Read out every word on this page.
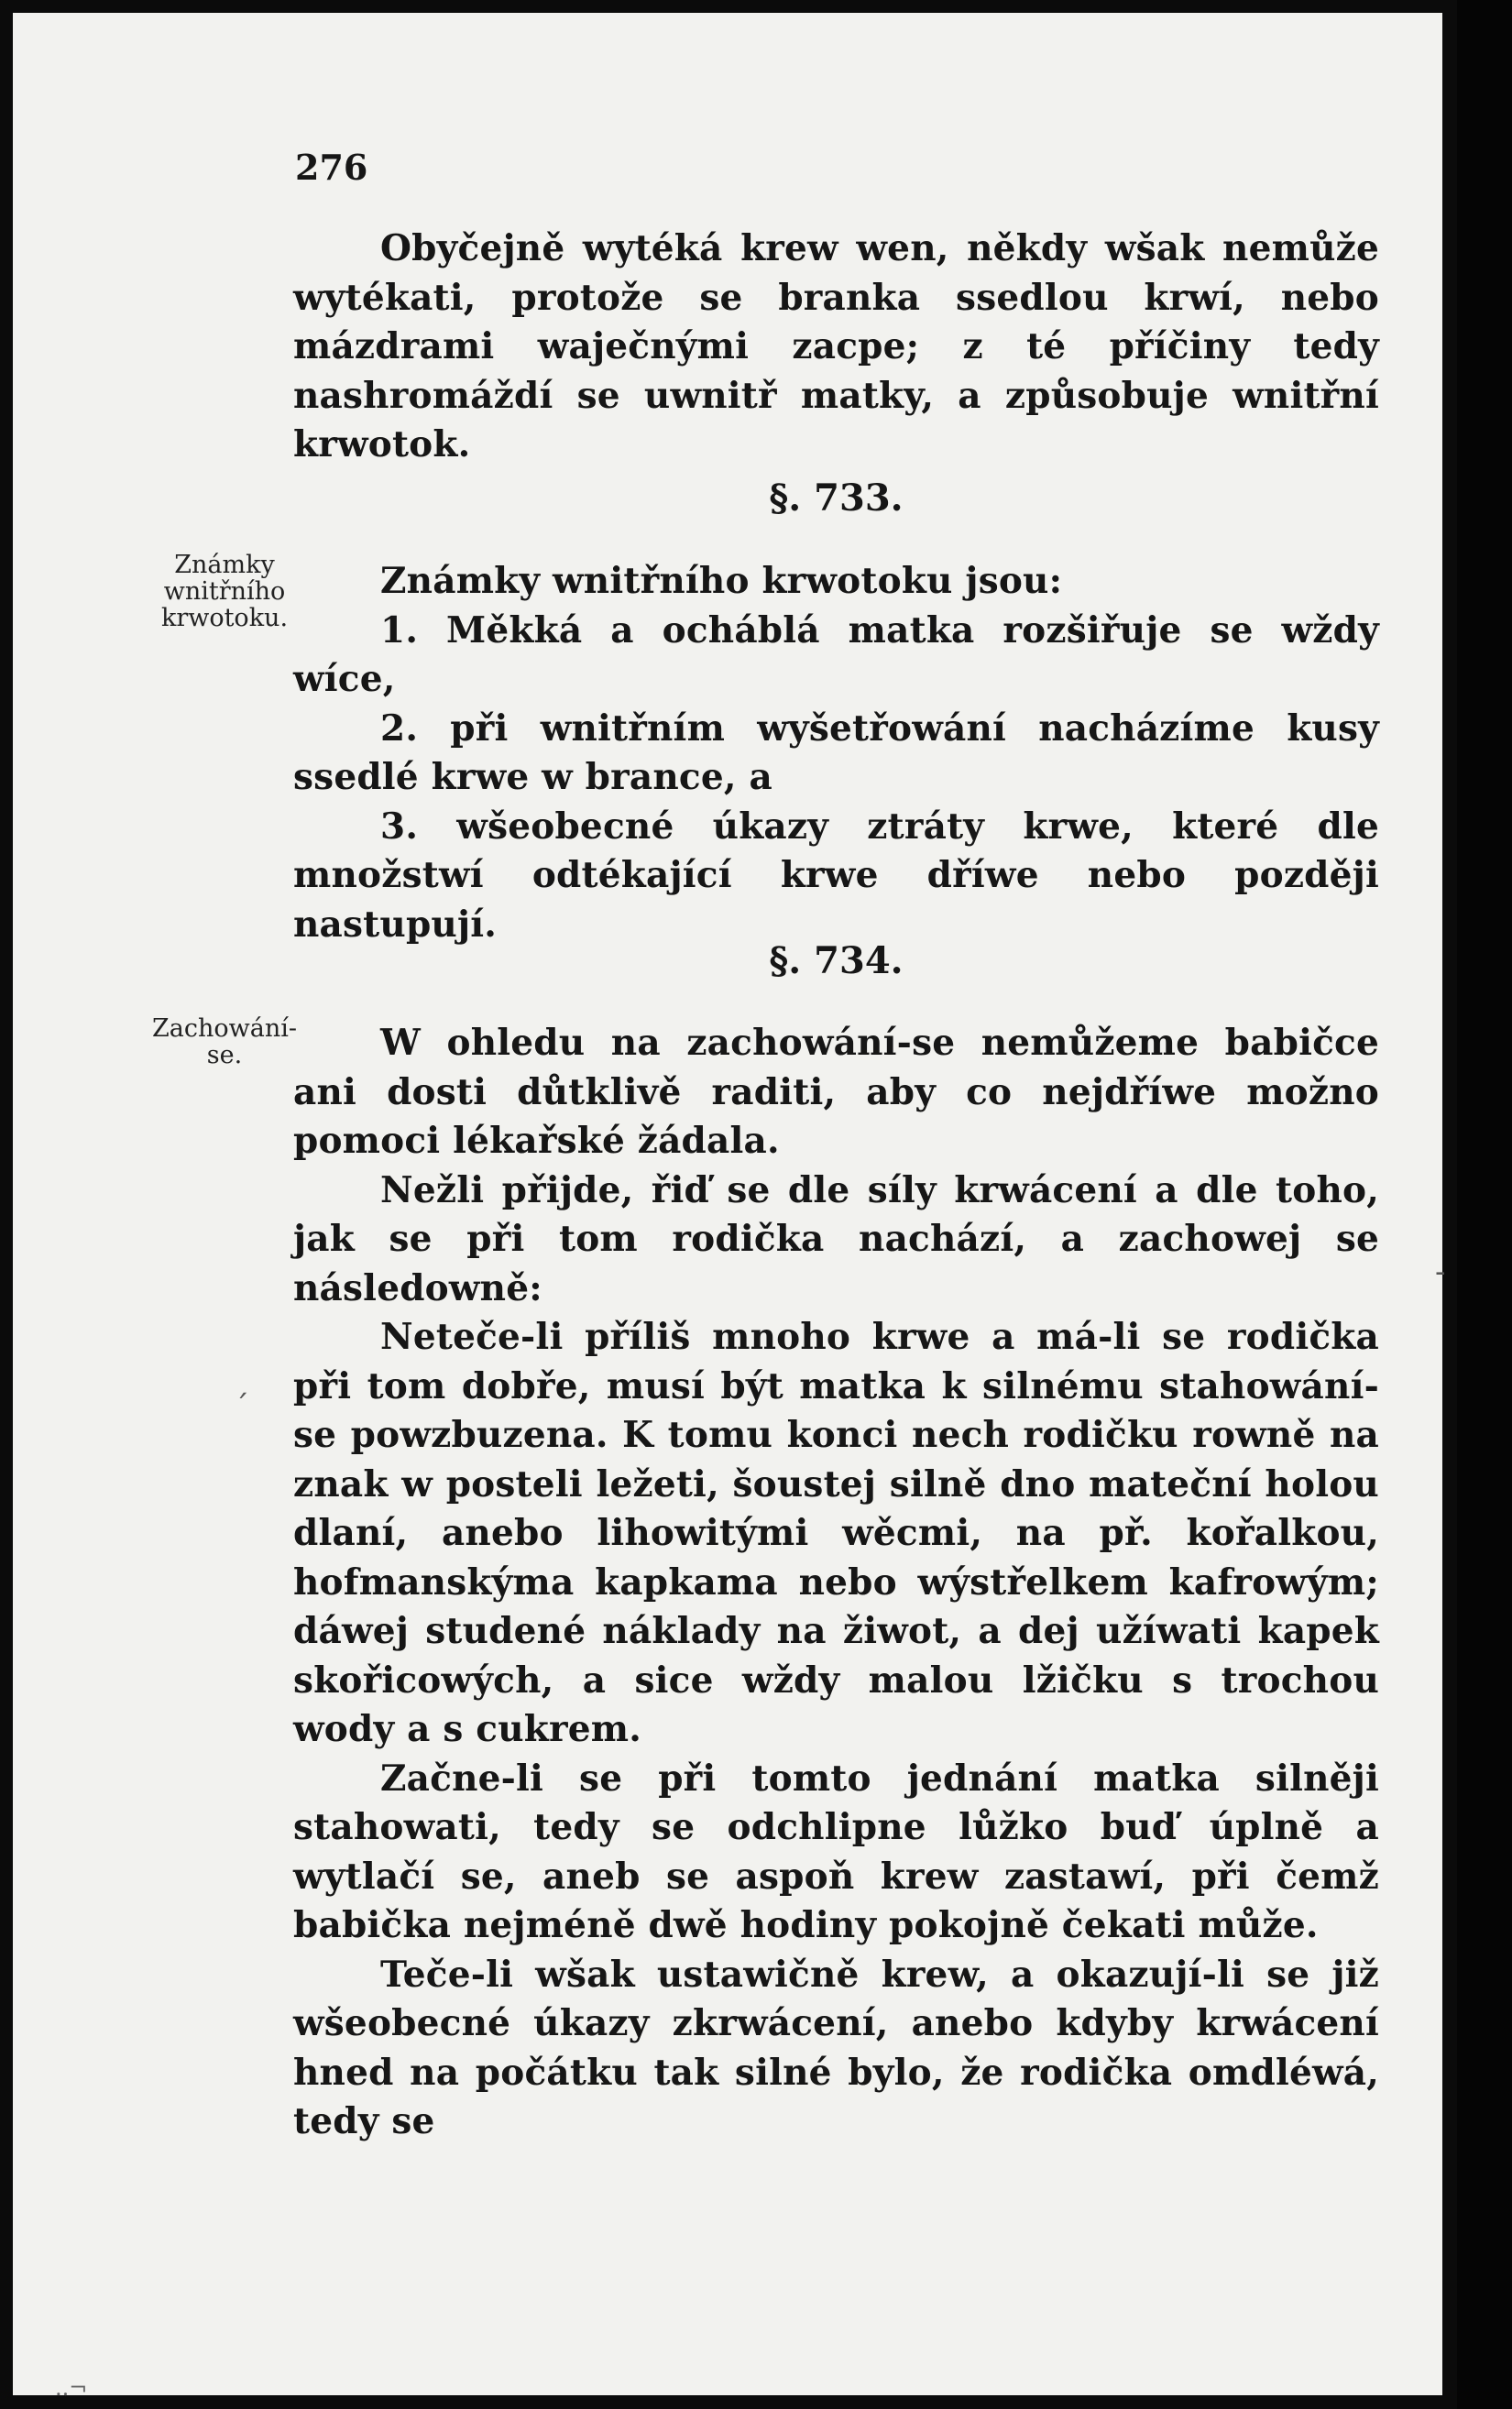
276

Obyčejně wytéká krew wen, někdy wšak nemůže wytékati, protože se branka ssedlou krwí, nebo mázdrami waječnými zacpe; z té příčiny tedy nashromáždí se uwnitř matky, a způsobuje wnitřní krwotok.

§. 733.
Známky wnitřního krwotoku.

Známky wnitřního krwotoku jsou:

1. Měkká a ocháblá matka rozšiřuje se wždy wíce,

2. při wnitřním wyšetřowání nacházíme kusy ssedlé krwe w brance, a

3. wšeobecné úkazy ztráty krwe, které dle množstwí odtékající krwe dříwe nebo později nastupují.

§. 734.
Zachowání-se.	W ohledu na zachowání-se nemůžeme babičce ani dosti důtklivě raditi, aby co nejdříwe možno pomoci lékařské žádala.

Nežli přijde, řiď se dle síly krwácení a dle toho, jak se při tom rodička nachází, a zachowej se následowně:

Neteče-li příliš mnoho krwe a má-li se rodička při tom dobře, musí být matka k silnému stahowání-se powzbuzena. K tomu konci nech rodičku rowně na znak w posteli ležeti, šoustej silně dno mateční holou dlaní, anebo lihowitými wěcmi, na př. kořalkou, hofmanskýma kapkama nebo wýstřelkem kafrowým; dáwej studené náklady na žiwot, a dej užíwati kapek skořicowých, a sice wždy malou lžičku s trochou wody a s cukrem.

Začne-li se při tomto jednání matka silněji stahowati, tedy se odchlipne lůžko buď úplně a wytlačí se, aneb se aspoň krew zastawí, při čemž babička nejméně dwě hodiny pokojně čekati může.

Teče-li wšak ustawičně krew, a okazují-li se již wšeobecné úkazy zkrwácení, anebo kdyby krwácení hned na počátku tak silné bylo, že rodička omdléwá, tedy se

-
´
..¬
